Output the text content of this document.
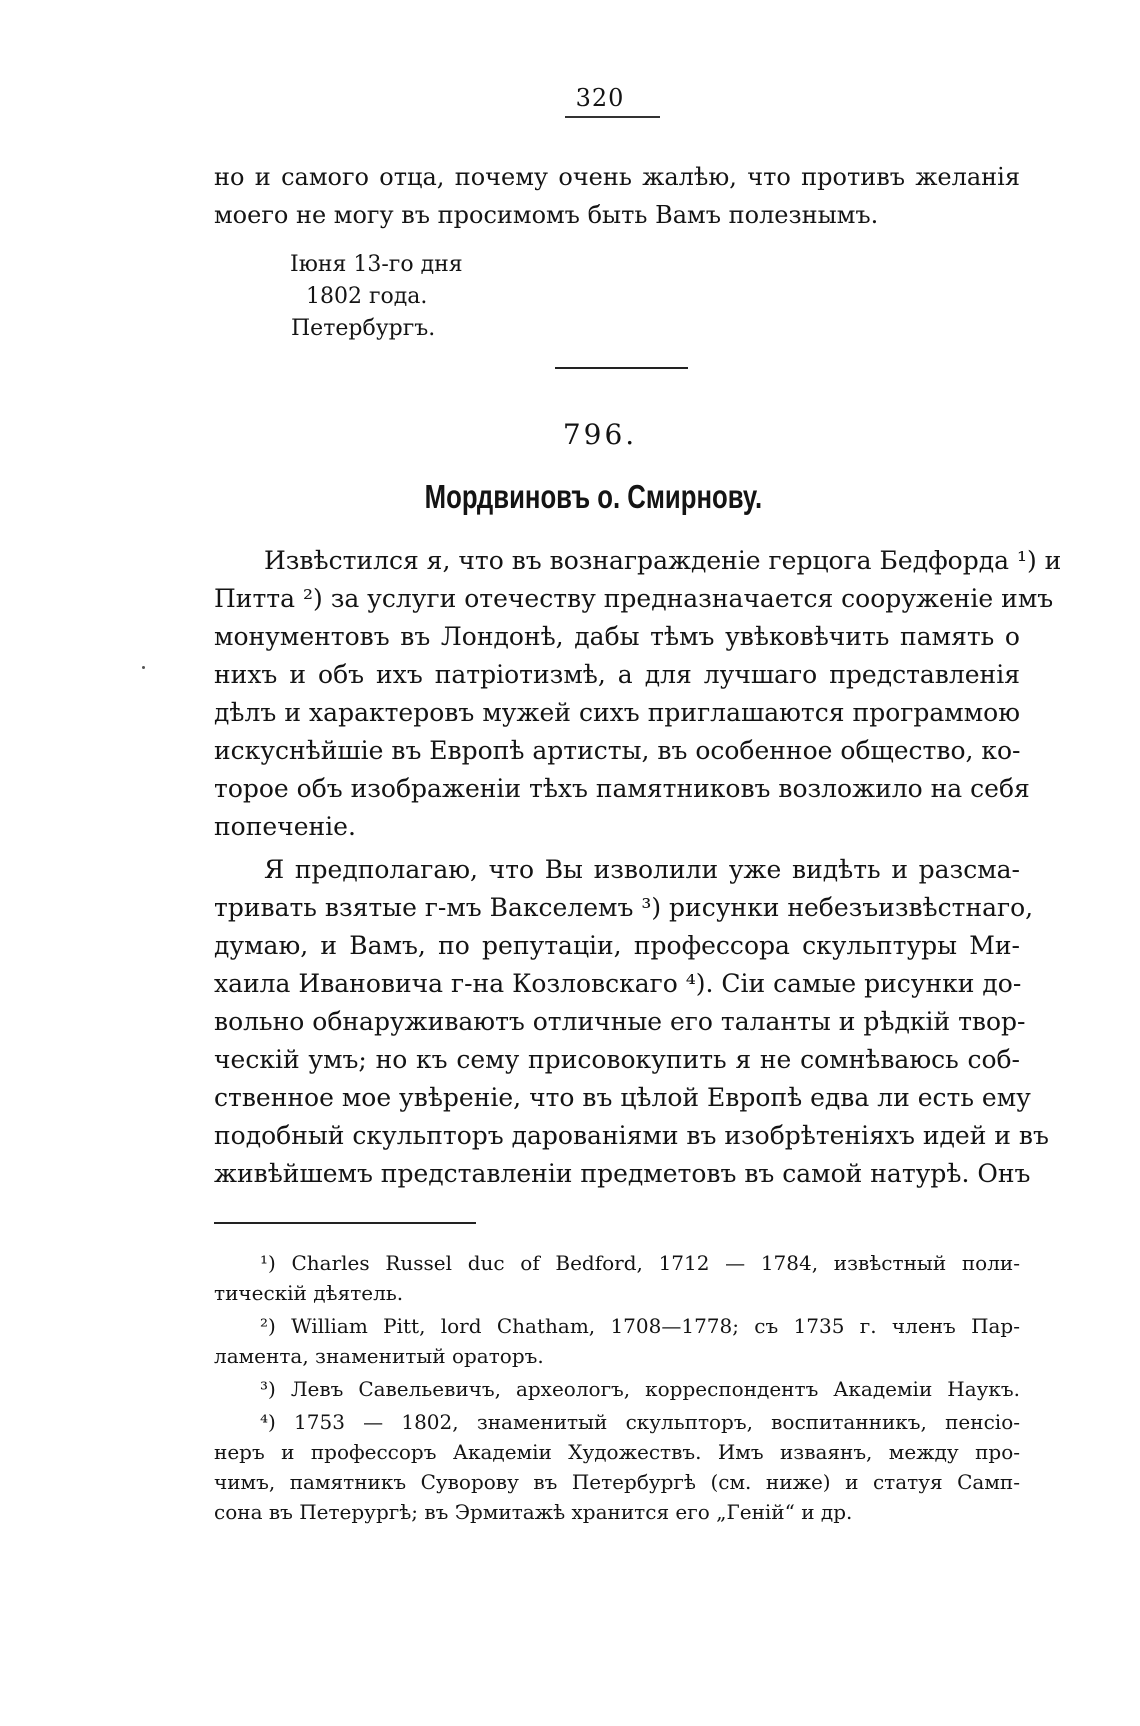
320
но и самого отца, почему очень жалѣю, что противъ желанія
моего не могу въ просимомъ быть Вамъ полезнымъ.
Іюня 13-го дня
1802 года.
Петербургъ.
796.
Мордвиновъ о. Смирнову.
Извѣстился я, что въ вознагражденіе герцога Бедфорда ¹) и
Питта ²) за услуги отечеству предназначается сооруженіе имъ
монументовъ въ Лондонѣ, дабы тѣмъ увѣковѣчить память о
нихъ и объ ихъ патріотизмѣ, а для лучшаго представленія
дѣлъ и характеровъ мужей сихъ приглашаются программою
искуснѣйшіе въ Европѣ артисты, въ особенное общество, ко-
торое объ изображеніи тѣхъ памятниковъ возложило на себя
попеченіе.
Я предполагаю, что Вы изволили уже видѣть и разсма-
тривать взятые г-мъ Вакселемъ ³) рисунки небезъизвѣстнаго,
думаю, и Вамъ, по репутаціи, профессора скульптуры Ми-
хаила Ивановича г-на Козловскаго ⁴). Сіи самые рисунки до-
вольно обнаруживаютъ отличные его таланты и рѣдкій твор-
ческій умъ; но къ сему присовокупить я не сомнѣваюсь соб-
ственное мое увѣреніе, что въ цѣлой Европѣ едва ли есть ему
подобный скульпторъ дарованіями въ изобрѣтеніяхъ идей и въ
живѣйшемъ представленіи предметовъ въ самой натурѣ. Онъ
¹) Charles Russel duc of Bedford, 1712 — 1784, извѣстный поли-
тическій дѣятель.
²) William Pitt, lord Chatham, 1708—1778; съ 1735 г. членъ Пар-
ламента, знаменитый ораторъ.
³) Левъ Савельевичъ, археологъ, корреспондентъ Академіи Наукъ.
⁴) 1753 — 1802, знаменитый скульпторъ, воспитанникъ, пенсіо-
неръ и профессоръ Академіи Художествъ. Имъ изваянъ, между про-
чимъ, памятникъ Суворову въ Петербургѣ (см. ниже) и статуя Самп-
сона въ Петерургѣ; въ Эрмитажѣ хранится его „Геній“ и др.
